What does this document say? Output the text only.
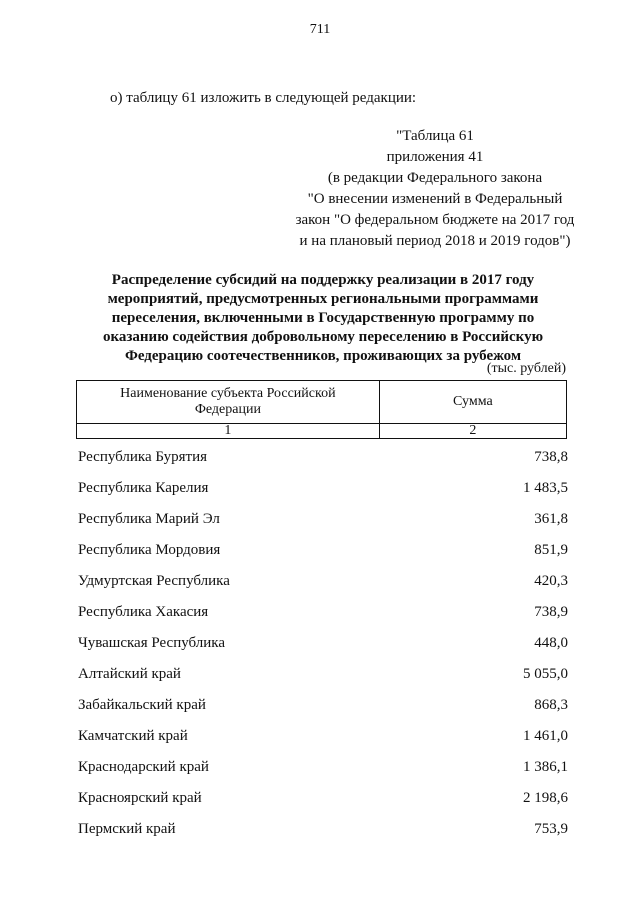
711
о) таблицу 61 изложить в следующей редакции:
"Таблица 61
приложения 41
(в редакции Федерального закона
"О внесении изменений в Федеральный
закон "О федеральном бюджете на 2017 год
и на плановый период 2018 и 2019 годов")
Распределение субсидий на поддержку реализации в 2017 году
мероприятий, предусмотренных региональными программами
переселения, включенными в Государственную программу по
оказанию содействия добровольному переселению в Российскую
Федерацию соотечественников, проживающих за рубежом
(тыс. рублей)
Наименование субъекта Российской Федерации	Сумма
1	2
Республика Бурятия	738,8
Республика Карелия	1 483,5
Республика Марий Эл	361,8
Республика Мордовия	851,9
Удмуртская Республика	420,3
Республика Хакасия	738,9
Чувашская Республика	448,0
Алтайский край	5 055,0
Забайкальский край	868,3
Камчатский край	1 461,0
Краснодарский край	1 386,1
Красноярский край	2 198,6
Пермский край	753,9
